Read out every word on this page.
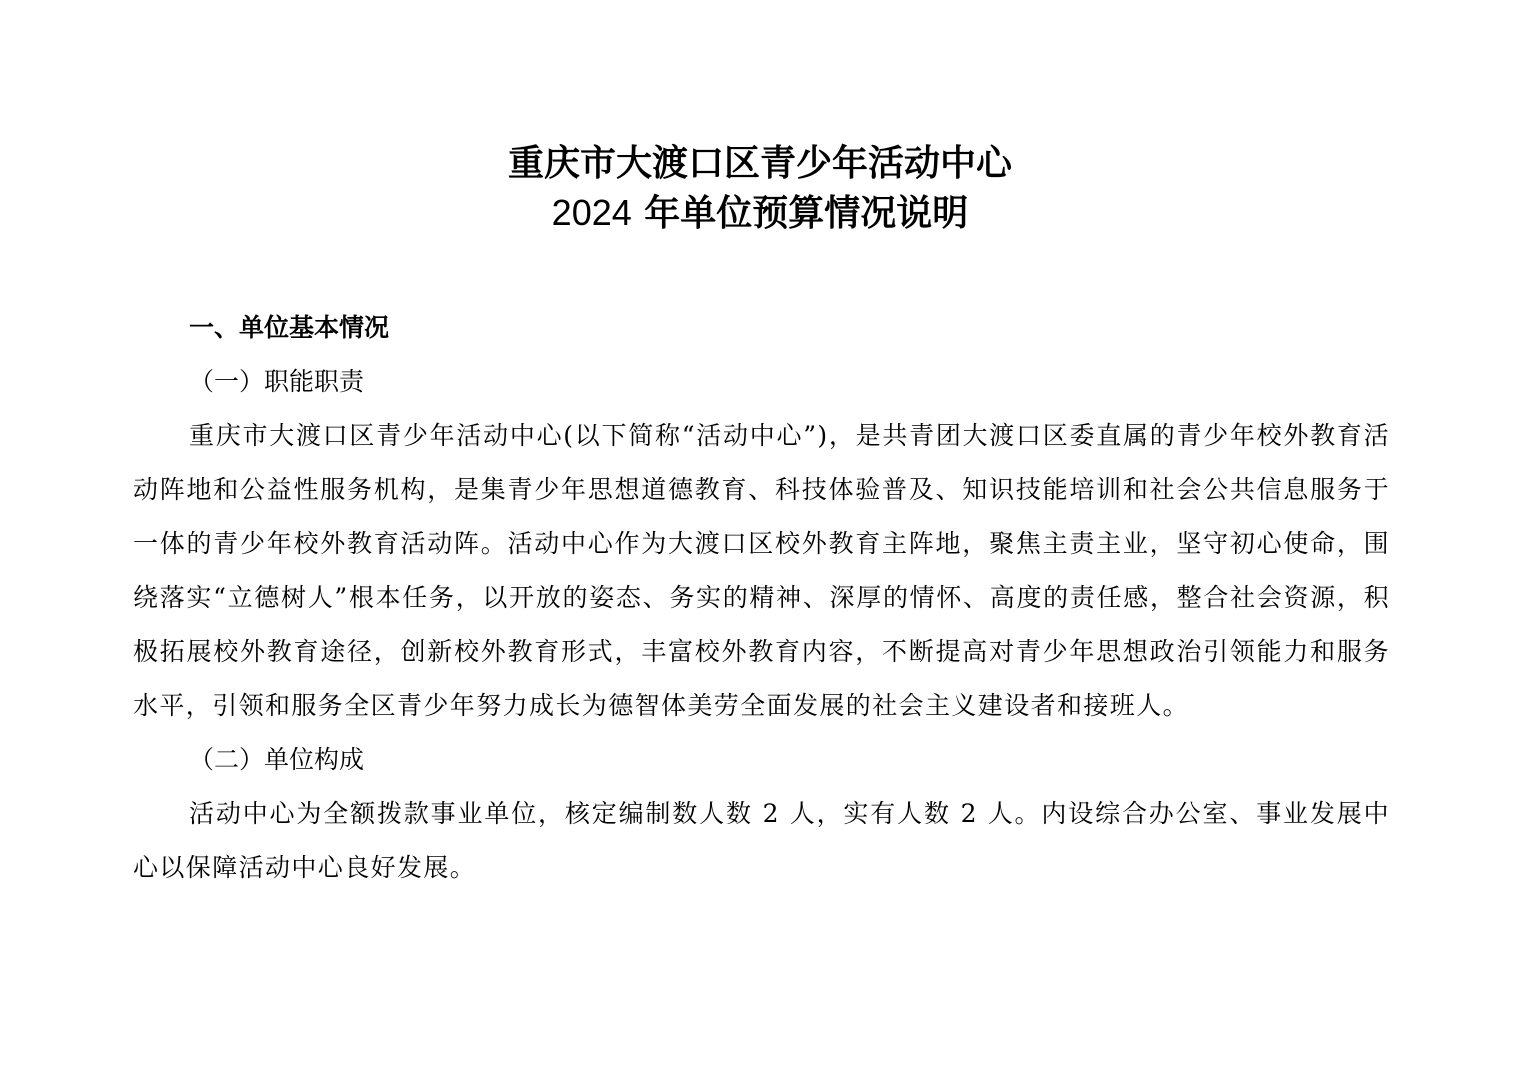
重庆市大渡口区青少年活动中心
2024 年单位预算情况说明
一、单位基本情况
（一）职能职责

重庆市大渡口区青少年活动中心(以下简称“活动中心”)，是共青团大渡口区委直属的青少年校外教育活动阵地和公益性服务机构，是集青少年思想道德教育、科技体验普及、知识技能培训和社会公共信息服务于一体的青少年校外教育活动阵。活动中心作为大渡口区校外教育主阵地，聚焦主责主业，坚守初心使命，围绕落实“立德树人”根本任务，以开放的姿态、务实的精神、深厚的情怀、高度的责任感，整合社会资源，积极拓展校外教育途径，创新校外教育形式，丰富校外教育内容，不断提高对青少年思想政治引领能力和服务水平，引领和服务全区青少年努力成长为德智体美劳全面发展的社会主义建设者和接班人。

（二）单位构成

活动中心为全额拨款事业单位，核定编制数人数 2 人，实有人数 2 人。内设综合办公室、事业发展中心以保障活动中心良好发展。
